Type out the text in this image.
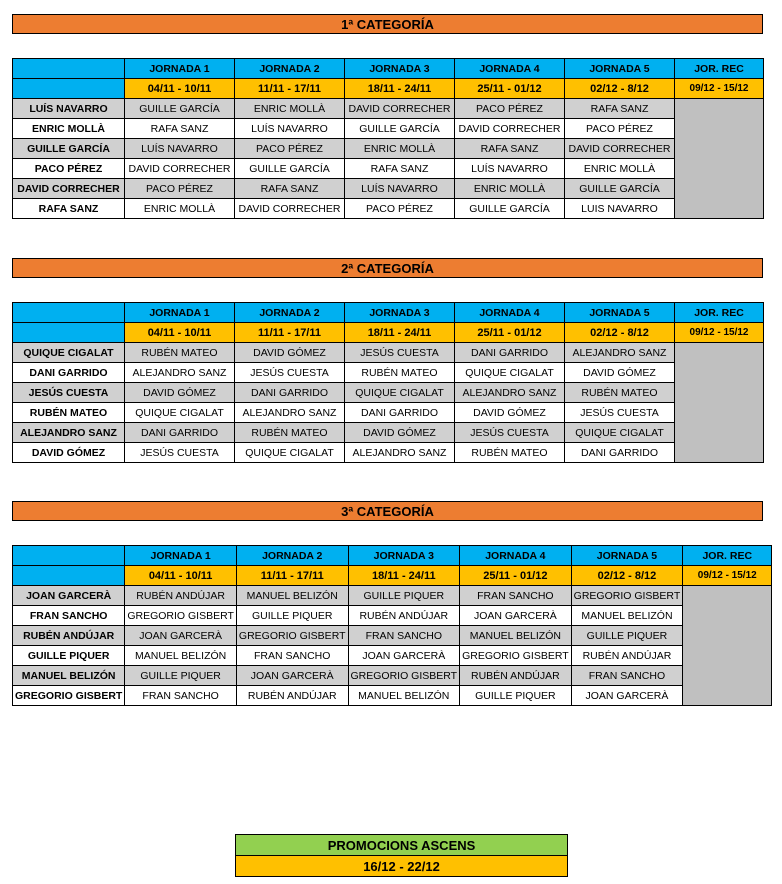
1ª CATEGORÍA
	JORNADA 1	JORNADA 2	JORNADA 3	JORNADA 4	JORNADA 5	JOR. REC
	04/11 - 10/11	11/11 - 17/11	18/11 - 24/11	25/11 - 01/12	02/12 - 8/12	09/12 - 15/12
LUÍS NAVARRO	GUILLE GARCÍA	ENRIC MOLLÀ	DAVID CORRECHER	PACO PÉREZ	RAFA SANZ	
ENRIC MOLLÀ	RAFA SANZ	LUÍS NAVARRO	GUILLE GARCÍA	DAVID CORRECHER	PACO PÉREZ	
GUILLE GARCÍA	LUÍS NAVARRO	PACO PÉREZ	ENRIC MOLLÀ	RAFA SANZ	DAVID CORRECHER	
PACO PÉREZ	DAVID CORRECHER	GUILLE GARCÍA	RAFA SANZ	LUÍS NAVARRO	ENRIC MOLLÀ	
DAVID CORRECHER	PACO PÉREZ	RAFA SANZ	LUÍS NAVARRO	ENRIC MOLLÀ	GUILLE GARCÍA	
RAFA SANZ	ENRIC MOLLÀ	DAVID CORRECHER	PACO PÉREZ	GUILLE GARCÍA	LUIS NAVARRO	
2ª CATEGORÍA
	JORNADA 1	JORNADA 2	JORNADA 3	JORNADA 4	JORNADA 5	JOR. REC
	04/11 - 10/11	11/11 - 17/11	18/11 - 24/11	25/11 - 01/12	02/12 - 8/12	09/12 - 15/12
QUIQUE CIGALAT	RUBÉN MATEO	DAVID GÓMEZ	JESÚS CUESTA	DANI GARRIDO	ALEJANDRO SANZ	
DANI GARRIDO	ALEJANDRO SANZ	JESÚS CUESTA	RUBÉN MATEO	QUIQUE CIGALAT	DAVID GÓMEZ	
JESÚS CUESTA	DAVID GÓMEZ	DANI GARRIDO	QUIQUE CIGALAT	ALEJANDRO SANZ	RUBÉN MATEO	
RUBÉN MATEO	QUIQUE CIGALAT	ALEJANDRO SANZ	DANI GARRIDO	DAVID GÓMEZ	JESÚS CUESTA	
ALEJANDRO SANZ	DANI GARRIDO	RUBÉN MATEO	DAVID GÓMEZ	JESÚS CUESTA	QUIQUE CIGALAT	
DAVID GÓMEZ	JESÚS CUESTA	QUIQUE CIGALAT	ALEJANDRO SANZ	RUBÉN MATEO	DANI GARRIDO	
3ª CATEGORÍA
	JORNADA 1	JORNADA 2	JORNADA 3	JORNADA 4	JORNADA 5	JOR. REC
	04/11 - 10/11	11/11 - 17/11	18/11 - 24/11	25/11 - 01/12	02/12 - 8/12	09/12 - 15/12
JOAN GARCERÀ	RUBÉN ANDÚJAR	MANUEL BELIZÓN	GUILLE PIQUER	FRAN SANCHO	GREGORIO GISBERT	
FRAN SANCHO	GREGORIO GISBERT	GUILLE PIQUER	RUBÉN ANDÚJAR	JOAN GARCERÀ	MANUEL BELIZÓN	
RUBÉN ANDÚJAR	JOAN GARCERÀ	GREGORIO GISBERT	FRAN SANCHO	MANUEL BELIZÓN	GUILLE PIQUER	
GUILLE PIQUER	MANUEL BELIZÓN	FRAN SANCHO	JOAN GARCERÀ	GREGORIO GISBERT	RUBÉN ANDÚJAR	
MANUEL BELIZÓN	GUILLE PIQUER	JOAN GARCERÀ	GREGORIO GISBERT	RUBÉN ANDÚJAR	FRAN SANCHO	
GREGORIO GISBERT	FRAN SANCHO	RUBÉN ANDÚJAR	MANUEL BELIZÓN	GUILLE PIQUER	JOAN GARCERÀ	
PROMOCIONS ASCENS
16/12 - 22/12
